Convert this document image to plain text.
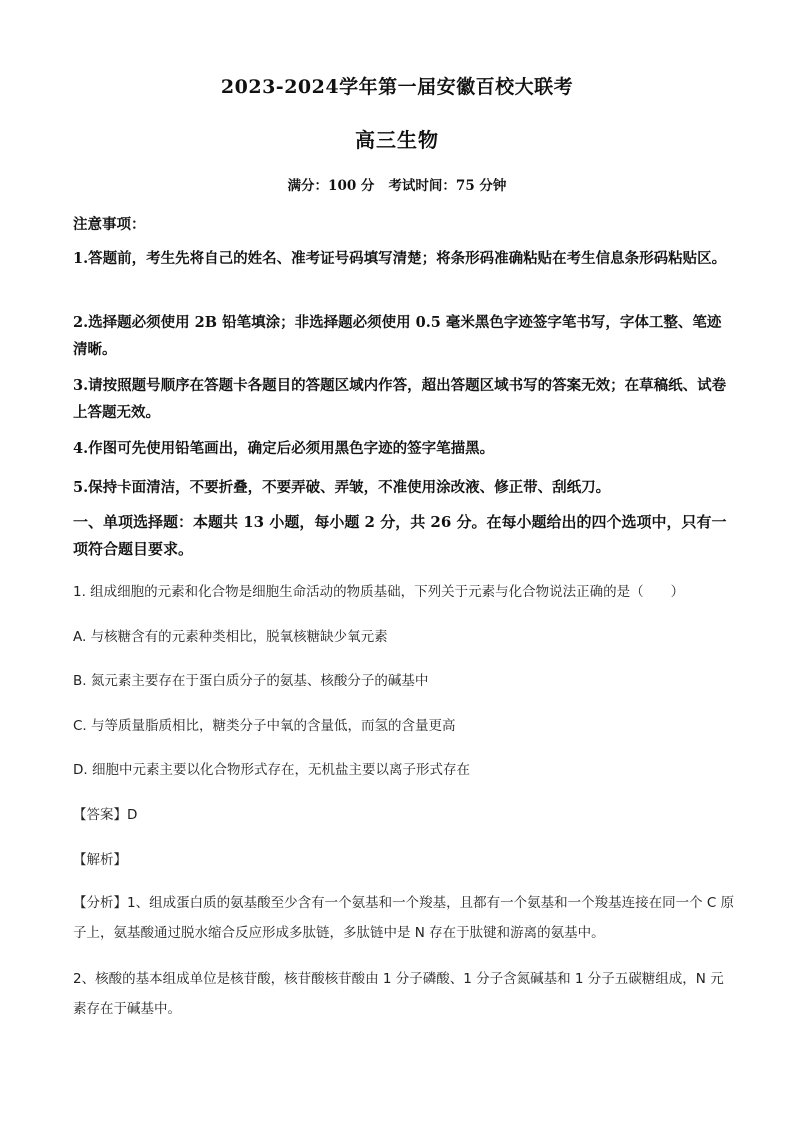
2023-2024学年第一届安徽百校大联考
高三生物
满分：100 分 考试时间：75 分钟

注意事项：

1.答题前，考生先将自己的姓名、准考证号码填写清楚；将条形码准确粘贴在考生信息条形码粘贴区。

2.选择题必须使用 2B 铅笔填涂；非选择题必须使用 0.5 毫米黑色字迹签字笔书写，字体工整、笔迹清晰。

3.请按照题号顺序在答题卡各题目的答题区域内作答，超出答题区域书写的答案无效；在草稿纸、试卷上答题无效。

4.作图可先使用铅笔画出，确定后必须用黑色字迹的签字笔描黑。

5.保持卡面清洁，不要折叠，不要弄破、弄皱，不准使用涂改液、修正带、刮纸刀。

一、单项选择题：本题共 13 小题，每小题 2 分，共 26 分。在每小题给出的四个选项中，只有一项符合题目要求。

1. 组成细胞的元素和化合物是细胞生命活动的物质基础，下列关于元素与化合物说法正确的是（　　）

A. 与核糖含有的元素种类相比，脱氧核糖缺少氧元素

B. 氮元素主要存在于蛋白质分子的氨基、核酸分子的碱基中

C. 与等质量脂质相比，糖类分子中氧的含量低，而氢的含量更高

D. 细胞中元素主要以化合物形式存在，无机盐主要以离子形式存在

【答案】D

【解析】

【分析】1、组成蛋白质的氨基酸至少含有一个氨基和一个羧基，且都有一个氨基和一个羧基连接在同一个 C 原子上，氨基酸通过脱水缩合反应形成多肽链，多肽链中是 N 存在于肽键和游离的氨基中。

2、核酸的基本组成单位是核苷酸，核苷酸核苷酸由 1 分子磷酸、1 分子含氮碱基和 1 分子五碳糖组成，N 元素存在于碱基中。
